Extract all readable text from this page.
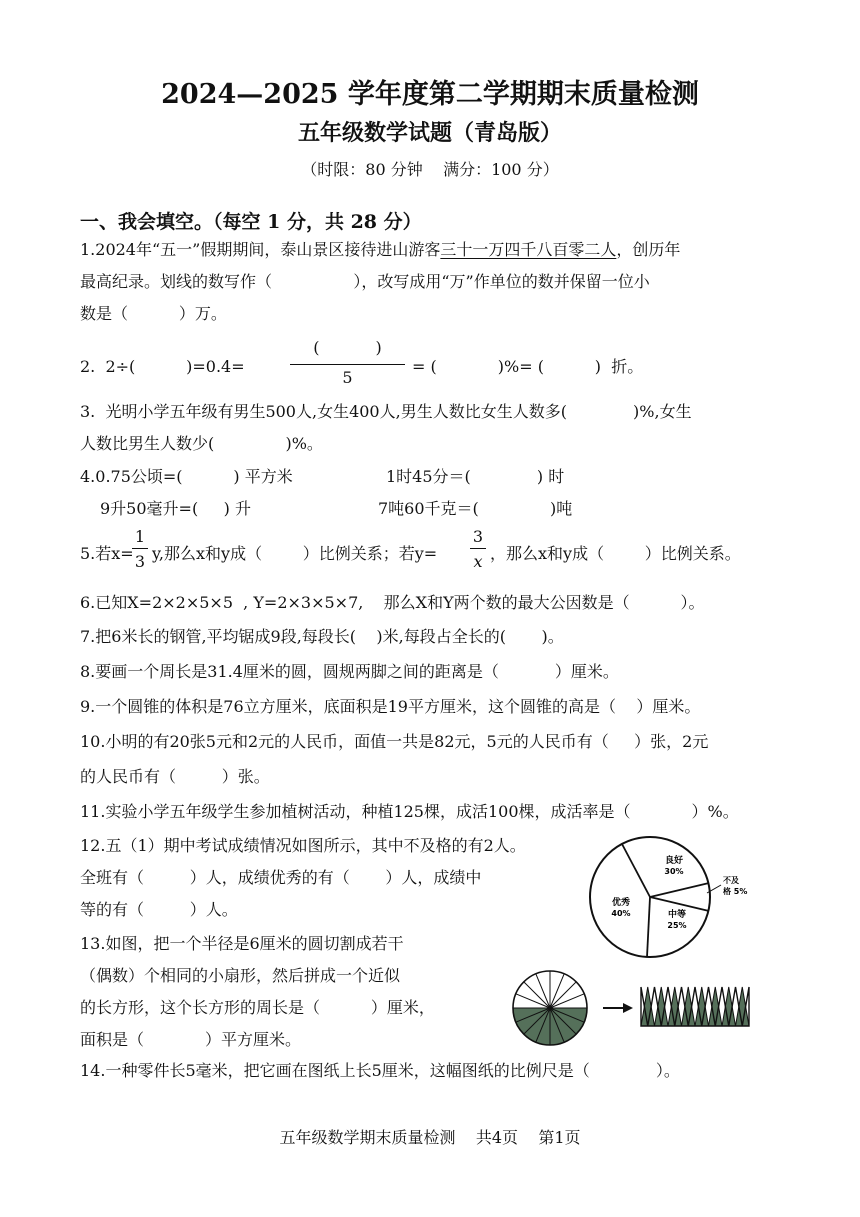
2024—2025 学年度第二学期期末质量检测
五年级数学试题（青岛版）
（时限：80 分钟    满分：100 分）
一、我会填空。（每空 1 分，共 28 分）
1.2024年“五一”假期期间，泰山景区接待进山游客三十一万四千八百零二人，创历年
最高纪录。划线的数写作（                ），改写成用“万”作单位的数并保留一位小
数是（          ）万。
2.  2÷(          )=0.4=
(           )
5
= (            )%= (          )  折。
3.  光明小学五年级有男生500人,女生400人,男生人数比女生人数多(             )%,女生
人数比男生人数少(              )%。
4.0.75公顷=(          ) 平方米	1时45分＝(             ) 时
9升50毫升=(     ) 升	7吨60千克＝(              )吨
5.若x=
1
3 y,那么x和y成（        ）比例关系；若y=
3
x ，那么x和y成（        ）比例关系。
6.已知X=2×2×5×5  , Y=2×3×5×7,    那么X和Y两个数的最大公因数是（          ）。
7.把6米长的钢管,平均锯成9段,每段长(    )米,每段占全长的(       )。
8.要画一个周长是31.4厘米的圆，圆规两脚之间的距离是（           ）厘米。
9.一个圆锥的体积是76立方厘米，底面积是19平方厘米，这个圆锥的高是（    ）厘米。
10.小明的有20张5元和2元的人民币，面值一共是82元，5元的人民币有（     ）张，2元
的人民币有（         ）张。
11.实验小学五年级学生参加植树活动，种植125棵，成活100棵，成活率是（            ）%。
12.五（1）期中考试成绩情况如图所示，其中不及格的有2人。
全班有（         ）人，成绩优秀的有（       ）人，成绩中
等的有（         ）人。
良好
30%
不及
格 5%
优秀
40%	中等
25%
13.如图，把一个半径是6厘米的圆切割成若干
（偶数）个相同的小扇形，然后拼成一个近似
的长方形，这个长方形的周长是（          ）厘米，
面积是（            ）平方厘米。
14.一种零件长5毫米，把它画在图纸上长5厘米，这幅图纸的比例尺是（             ）。
五年级数学期末质量检测    共4页    第1页
